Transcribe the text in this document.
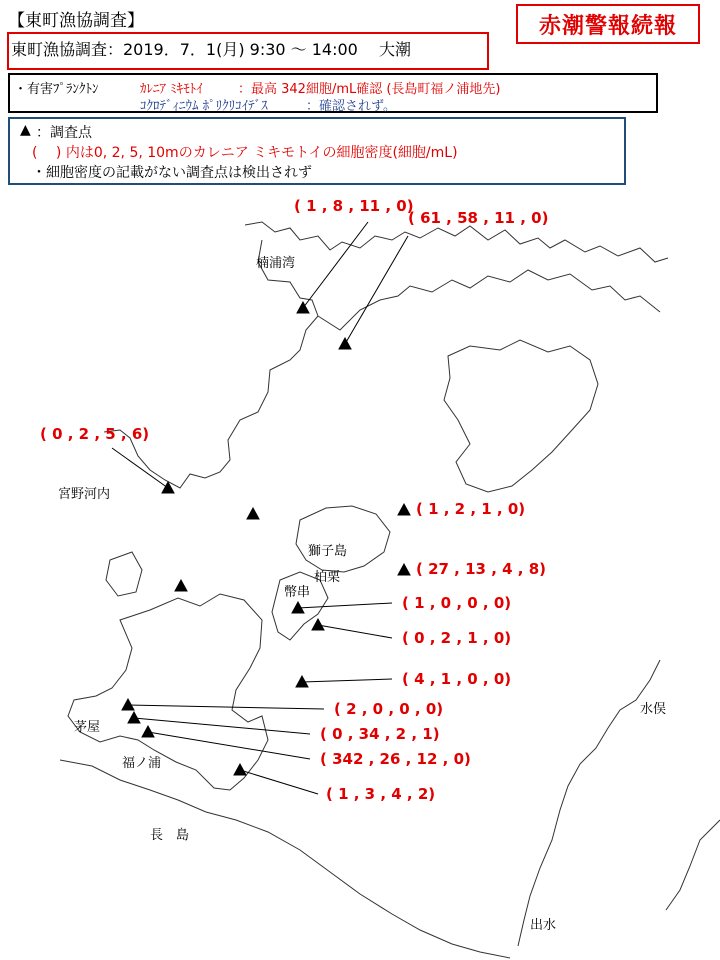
【東町漁協調査】	赤潮警報続報
東町漁協調査：2019．7．1(月) 9:30 ～ 14:00　 大潮
・有害ﾌﾟﾗﾝｸﾄﾝ	ｶﾚﾆｱ ﾐｷﾓﾄｲ	：最高 342細胞/mL確認 (長島町福ノ浦地先)
ｺｸﾛﾃﾞｨﾆｳﾑ ﾎﾟﾘｸﾘｺｲﾃﾞｽ	：確認されず。
▲ ：調査点
(　 ) 内は0, 2, 5, 10mのカレニア ミキモトイの細胞密度(細胞/mL)
・細胞密度の記載がない調査点は検出されず
楠浦湾
宮野河内
獅子島
幣串
柏栗
茅屋
福ノ浦
長　島
水俣
出水
( 1 , 8 , 11 , 0)
( 61 , 58 , 11 , 0)
( 0 , 2 , 5 , 6)
( 1 , 2 , 1 , 0)
( 27 , 13 , 4 , 8)
( 1 , 0 , 0 , 0)
( 0 , 2 , 1 , 0)
( 4 , 1 , 0 , 0)
( 2 , 0 , 0 , 0)
( 0 , 34 , 2 , 1)
( 342 , 26 , 12 , 0)
( 1 , 3 , 4 , 2)
